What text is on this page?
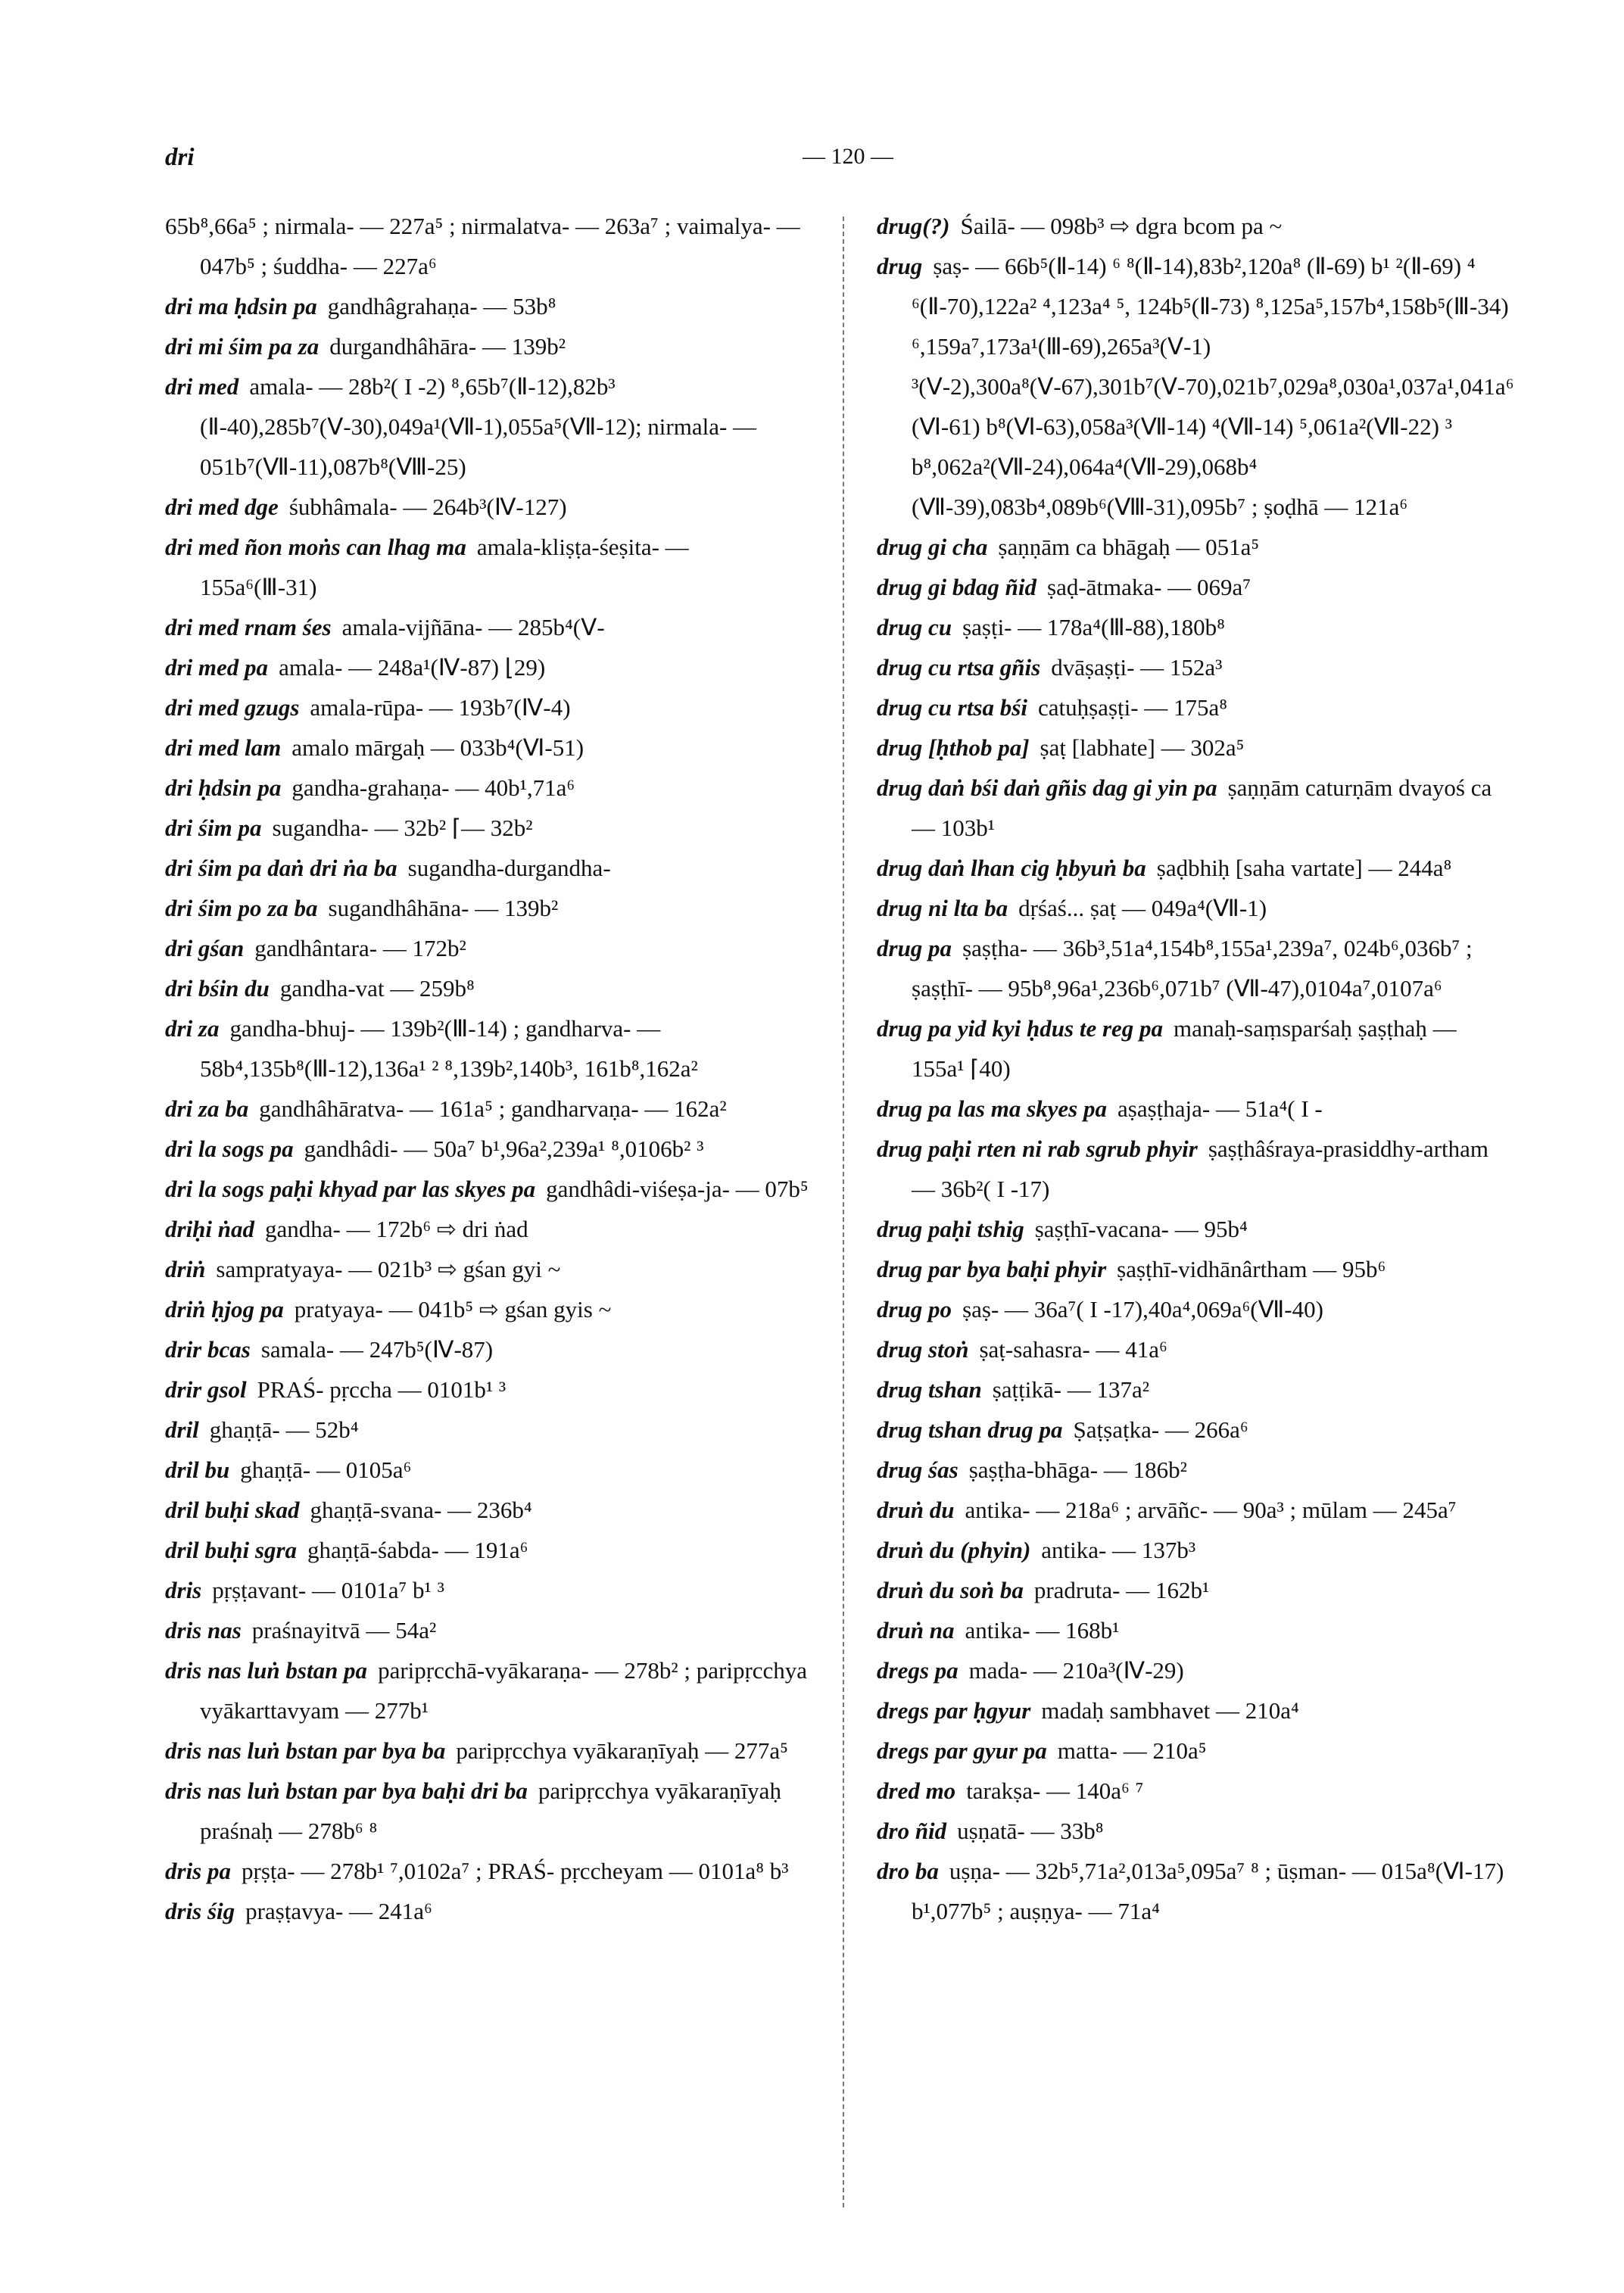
dri	— 120 —

65b⁸,66a⁵ ; nirmala- — 227a⁵ ; nirmalatva- — 263a⁷ ; vaimalya- — 047b⁵ ; śuddha- — 227a⁶

dri ma ḥdsin pa gandhâgrahaṇa- — 53b⁸

dri mi śim pa za durgandhâhāra- — 139b²

dri med amala- — 28b²( I -2) ⁸,65b⁷(Ⅱ-12),82b³ (Ⅱ-40),285b⁷(Ⅴ-30),049a¹(Ⅶ-1),055a⁵(Ⅶ-12); nirmala- — 051b⁷(Ⅶ-11),087b⁸(Ⅷ-25)

dri med dge śubhâmala- — 264b³(Ⅳ-127)

dri med ñon moṅs can lhag ma amala-kliṣṭa-śeṣita- — 155a⁶(Ⅲ-31)

dri med rnam śes amala-vijñāna- — 285b⁴(Ⅴ-

dri med pa amala- — 248a¹(Ⅳ-87) ⌊29)

dri med gzugs amala-rūpa- — 193b⁷(Ⅳ-4)

dri med lam amalo mārgaḥ — 033b⁴(Ⅵ-51)

dri ḥdsin pa gandha-grahaṇa- — 40b¹,71a⁶

dri śim pa sugandha- — 32b² ⌈— 32b²

dri śim pa daṅ dri ṅa ba sugandha-durgandha-

dri śim po za ba sugandhâhāna- — 139b²

dri gśan gandhântara- — 172b²

dri bśin du gandha-vat — 259b⁸

dri za gandha-bhuj- — 139b²(Ⅲ-14) ; gandharva- — 58b⁴,135b⁸(Ⅲ-12),136a¹ ² ⁸,139b²,140b³, 161b⁸,162a²

dri za ba gandhâhāratva- — 161a⁵ ; gandharvaṇa- — 162a²

dri la sogs pa gandhâdi- — 50a⁷ b¹,96a²,239a¹ ⁸,0106b² ³

dri la sogs paḥi khyad par las skyes pa gandhâdi-viśeṣa-ja- — 07b⁵

driḥi ṅad gandha- — 172b⁶ ⇨ dri ṅad

driṅ sampratyaya- — 021b³ ⇨ gśan gyi ~

driṅ ḥjog pa pratyaya- — 041b⁵ ⇨ gśan gyis ~

drir bcas samala- — 247b⁵(Ⅳ-87)

drir gsol PRAŚ- pṛccha — 0101b¹ ³

dril ghaṇṭā- — 52b⁴

dril bu ghaṇṭā- — 0105a⁶

dril buḥi skad ghaṇṭā-svana- — 236b⁴

dril buḥi sgra ghaṇṭā-śabda- — 191a⁶

dris pṛṣṭavant- — 0101a⁷ b¹ ³

dris nas praśnayitvā — 54a²

dris nas luṅ bstan pa paripṛcchā-vyākaraṇa- — 278b² ; paripṛcchya vyākarttavyam — 277b¹

dris nas luṅ bstan par bya ba paripṛcchya vyākaraṇīyaḥ — 277a⁵

dris nas luṅ bstan par bya baḥi dri ba paripṛcchya vyākaraṇīyaḥ praśnaḥ — 278b⁶ ⁸

dris pa pṛṣṭa- — 278b¹ ⁷,0102a⁷ ; PRAŚ- pṛccheyam — 0101a⁸ b³

dris śig praṣṭavya- — 241a⁶

drug(?) Śailā- — 098b³ ⇨ dgra bcom pa ~

drug ṣaṣ- — 66b⁵(Ⅱ-14) ⁶ ⁸(Ⅱ-14),83b²,120a⁸ (Ⅱ-69) b¹ ²(Ⅱ-69) ⁴ ⁶(Ⅱ-70),122a² ⁴,123a⁴ ⁵, 124b⁵(Ⅱ-73) ⁸,125a⁵,157b⁴,158b⁵(Ⅲ-34) ⁶,159a⁷,173a¹(Ⅲ-69),265a³(Ⅴ-1) ³(Ⅴ-2),300a⁸(Ⅴ-67),301b⁷(Ⅴ-70),021b⁷,029a⁸,030a¹,037a¹,041a⁶ (Ⅵ-61) b⁸(Ⅵ-63),058a³(Ⅶ-14) ⁴(Ⅶ-14) ⁵,061a²(Ⅶ-22) ³ b⁸,062a²(Ⅶ-24),064a⁴(Ⅶ-29),068b⁴ (Ⅶ-39),083b⁴,089b⁶(Ⅷ-31),095b⁷ ; ṣoḍhā — 121a⁶

drug gi cha ṣaṇṇām ca bhāgaḥ — 051a⁵

drug gi bdag ñid ṣaḍ-ātmaka- — 069a⁷

drug cu ṣaṣṭi- — 178a⁴(Ⅲ-88),180b⁸

drug cu rtsa gñis dvāṣaṣṭi- — 152a³

drug cu rtsa bśi catuḥṣaṣṭi- — 175a⁸

drug [ḥthob pa] ṣaṭ [labhate] — 302a⁵

drug daṅ bśi daṅ gñis dag gi yin pa ṣaṇṇām caturṇām dvayoś ca — 103b¹

drug daṅ lhan cig ḥbyuṅ ba ṣaḍbhiḥ [saha vartate] — 244a⁸

drug ni lta ba dṛśaś... ṣaṭ — 049a⁴(Ⅶ-1)

drug pa ṣaṣṭha- — 36b³,51a⁴,154b⁸,155a¹,239a⁷, 024b⁶,036b⁷ ; ṣaṣṭhī- — 95b⁸,96a¹,236b⁶,071b⁷ (Ⅶ-47),0104a⁷,0107a⁶

drug pa yid kyi ḥdus te reg pa manaḥ-saṃsparśaḥ ṣaṣṭhaḥ — 155a¹ ⌈40)

drug pa las ma skyes pa aṣaṣṭhaja- — 51a⁴( I -

drug paḥi rten ni rab sgrub phyir ṣaṣṭhâśraya-prasiddhy-artham — 36b²( I -17)

drug paḥi tshig ṣaṣṭhī-vacana- — 95b⁴

drug par bya baḥi phyir ṣaṣṭhī-vidhānârtham — 95b⁶

drug po ṣaṣ- — 36a⁷( I -17),40a⁴,069a⁶(Ⅶ-40)

drug stoṅ ṣaṭ-sahasra- — 41a⁶

drug tshan ṣaṭṭikā- — 137a²

drug tshan drug pa Ṣaṭṣaṭka- — 266a⁶

drug śas ṣaṣṭha-bhāga- — 186b²

druṅ du antika- — 218a⁶ ; arvāñc- — 90a³ ; mūlam — 245a⁷

druṅ du (phyin) antika- — 137b³

druṅ du soṅ ba pradruta- — 162b¹

druṅ na antika- — 168b¹

dregs pa mada- — 210a³(Ⅳ-29)

dregs par ḥgyur madaḥ sambhavet — 210a⁴

dregs par gyur pa matta- — 210a⁵

dred mo tarakṣa- — 140a⁶ ⁷

dro ñid uṣṇatā- — 33b⁸

dro ba uṣṇa- — 32b⁵,71a²,013a⁵,095a⁷ ⁸ ; ūṣman- — 015a⁸(Ⅵ-17) b¹,077b⁵ ; auṣṇya- — 71a⁴
